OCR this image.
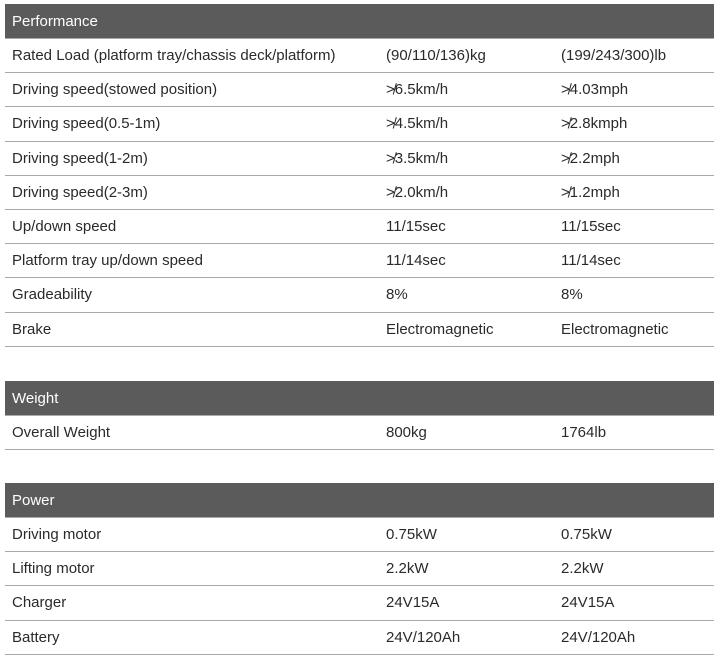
Performance
Rated Load (platform tray/chassis deck/platform)	(90/110/136)kg	(199/243/300)lb
Driving speed(stowed position)	≯6.5km/h	≯4.03mph
Driving speed(0.5-1m)	≯4.5km/h	≯2.8kmph
Driving speed(1-2m)	≯3.5km/h	≯2.2mph
Driving speed(2-3m)	≯2.0km/h	≯1.2mph
Up/down speed	11/15sec	11/15sec
Platform tray up/down speed	11/14sec	11/14sec
Gradeability	8%	8%
Brake	Electromagnetic	Electromagnetic
Weight
Overall Weight	800kg	1764lb
Power
Driving motor	0.75kW	0.75kW
Lifting motor	2.2kW	2.2kW
Charger	24V15A	24V15A
Battery	24V/120Ah	24V/120Ah
